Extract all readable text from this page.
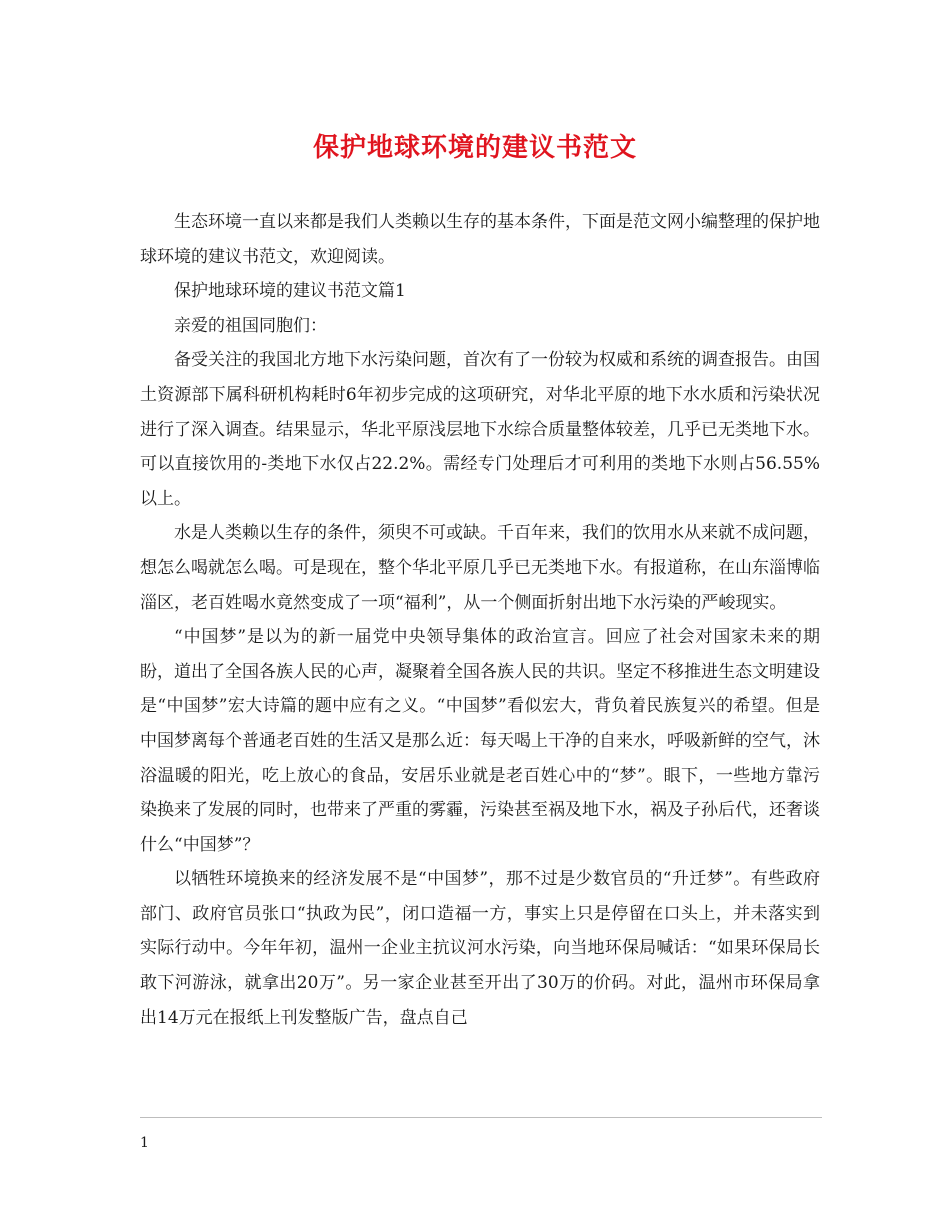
保护地球环境的建议书范文

生态环境一直以来都是我们人类赖以生存的基本条件，下面是范文网小编整理的保护地球环境的建议书范文，欢迎阅读。

保护地球环境的建议书范文篇1

亲爱的祖国同胞们：

备受关注的我国北方地下水污染问题，首次有了一份较为权威和系统的调查报告。由国土资源部下属科研机构耗时6年初步完成的这项研究，对华北平原的地下水水质和污染状况进行了深入调查。结果显示，华北平原浅层地下水综合质量整体较差，几乎已无类地下水。可以直接饮用的-类地下水仅占22.2%。需经专门处理后才可利用的类地下水则占56.55%以上。

水是人类赖以生存的条件，须臾不可或缺。千百年来，我们的饮用水从来就不成问题，想怎么喝就怎么喝。可是现在，整个华北平原几乎已无类地下水。有报道称，在山东淄博临淄区，老百姓喝水竟然变成了一项“福利”，从一个侧面折射出地下水污染的严峻现实。

“中国梦”是以为的新一届党中央领导集体的政治宣言。回应了社会对国家未来的期盼，道出了全国各族人民的心声，凝聚着全国各族人民的共识。坚定不移推进生态文明建设是“中国梦”宏大诗篇的题中应有之义。“中国梦”看似宏大，背负着民族复兴的希望。但是中国梦离每个普通老百姓的生活又是那么近：每天喝上干净的自来水，呼吸新鲜的空气，沐浴温暖的阳光，吃上放心的食品，安居乐业就是老百姓心中的“梦”。眼下，一些地方靠污染换来了发展的同时，也带来了严重的雾霾，污染甚至祸及地下水，祸及子孙后代，还奢谈什么“中国梦”？

以牺牲环境换来的经济发展不是“中国梦”，那不过是少数官员的“升迁梦”。有些政府部门、政府官员张口“执政为民”，闭口造福一方，事实上只是停留在口头上，并未落实到实际行动中。今年年初，温州一企业主抗议河水污染，向当地环保局喊话：“如果环保局长敢下河游泳，就拿出20万”。另一家企业甚至开出了30万的价码。对此，温州市环保局拿出14万元在报纸上刊发整版广告，盘点自己

1
